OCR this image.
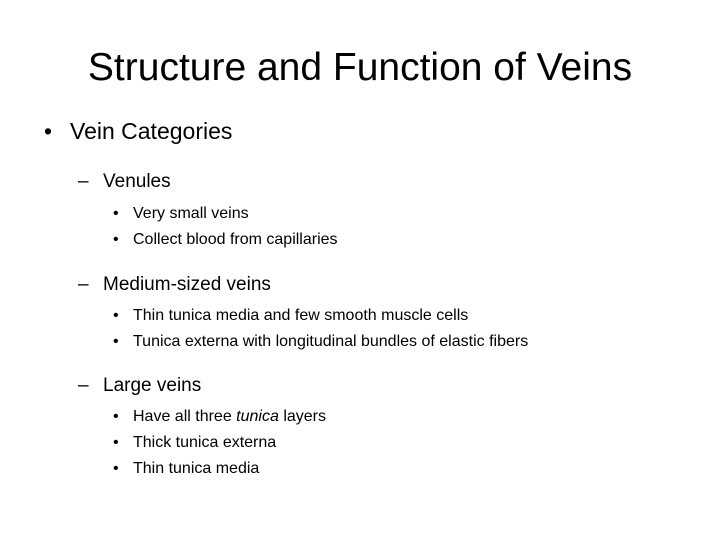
Structure and Function of Veins
• Vein Categories
– Venules
• Very small veins
• Collect blood from capillaries
– Medium-sized veins
• Thin tunica media and few smooth muscle cells
• Tunica externa with longitudinal bundles of elastic fibers
– Large veins
• Have all three tunica layers
• Thick tunica externa
• Thin tunica media
